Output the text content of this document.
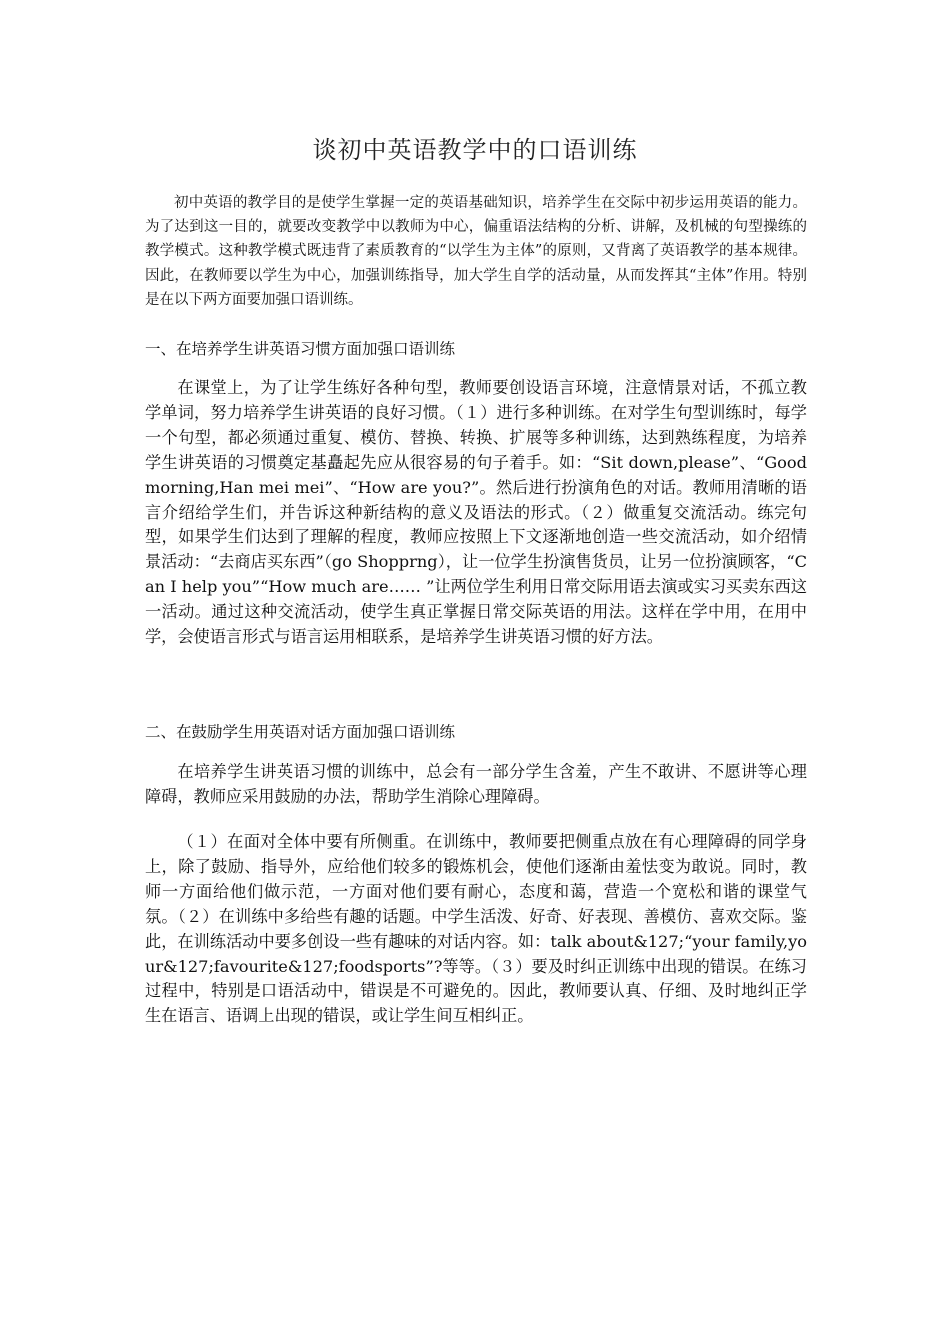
谈初中英语教学中的口语训练

初中英语的教学目的是使学生掌握一定的英语基础知识，培养学生在交际中初步运用英语的能力。为了达到这一目的，就要改变教学中以教师为中心，偏重语法结构的分析、讲解，及机械的句型操练的教学模式。这种教学模式既违背了素质教育的“以学生为主体”的原则，又背离了英语教学的基本规律。因此，在教师要以学生为中心，加强训练指导，加大学生自学的活动量，从而发挥其“主体”作用。特别是在以下两方面要加强口语训练。

一、在培养学生讲英语习惯方面加强口语训练

在课堂上，为了让学生练好各种句型，教师要创设语言环境，注意情景对话，不孤立教学单词，努力培养学生讲英语的良好习惯。（１）进行多种训练。在对学生句型训练时，每学一个句型，都必须通过重复、模仿、替换、转换、扩展等多种训练，达到熟练程度，为培养学生讲英语的习惯奠定基矗起先应从很容易的句子着手。如：“Sit down,please”、“Good morning,Han mei mei”、“How are you?”。然后进行扮演角色的对话。教师用清晰的语言介绍给学生们，并告诉这种新结构的意义及语法的形式。（２）做重复交流活动。练完句型，如果学生们达到了理解的程度，教师应按照上下文逐渐地创造一些交流活动，如介绍情景活动：“去商店买东西”（go Shopprng），让一位学生扮演售货员，让另一位扮演顾客，“Can I help you”“How much are…… ”让两位学生利用日常交际用语去演或实习买卖东西这一活动。通过这种交流活动，使学生真正掌握日常交际英语的用法。这样在学中用，在用中学，会使语言形式与语言运用相联系，是培养学生讲英语习惯的好方法。

二、在鼓励学生用英语对话方面加强口语训练

在培养学生讲英语习惯的训练中，总会有一部分学生含羞，产生不敢讲、不愿讲等心理障碍，教师应采用鼓励的办法，帮助学生消除心理障碍。

（１）在面对全体中要有所侧重。在训练中，教师要把侧重点放在有心理障碍的同学身上，除了鼓励、指导外，应给他们较多的锻炼机会，使他们逐渐由羞怯变为敢说。同时，教师一方面给他们做示范，一方面对他们要有耐心，态度和蔼，营造一个宽松和谐的课堂气氛。（２）在训练中多给些有趣的话题。中学生活泼、好奇、好表现、善模仿、喜欢交际。鉴此，在训练活动中要多创设一些有趣味的对话内容。如：talk about&127;“your family,your&127;favourite&127;foodsports”?等等。（３）要及时纠正训练中出现的错误。在练习过程中，特别是口语活动中，错误是不可避免的。因此，教师要认真、仔细、及时地纠正学生在语言、语调上出现的错误，或让学生间互相纠正。
